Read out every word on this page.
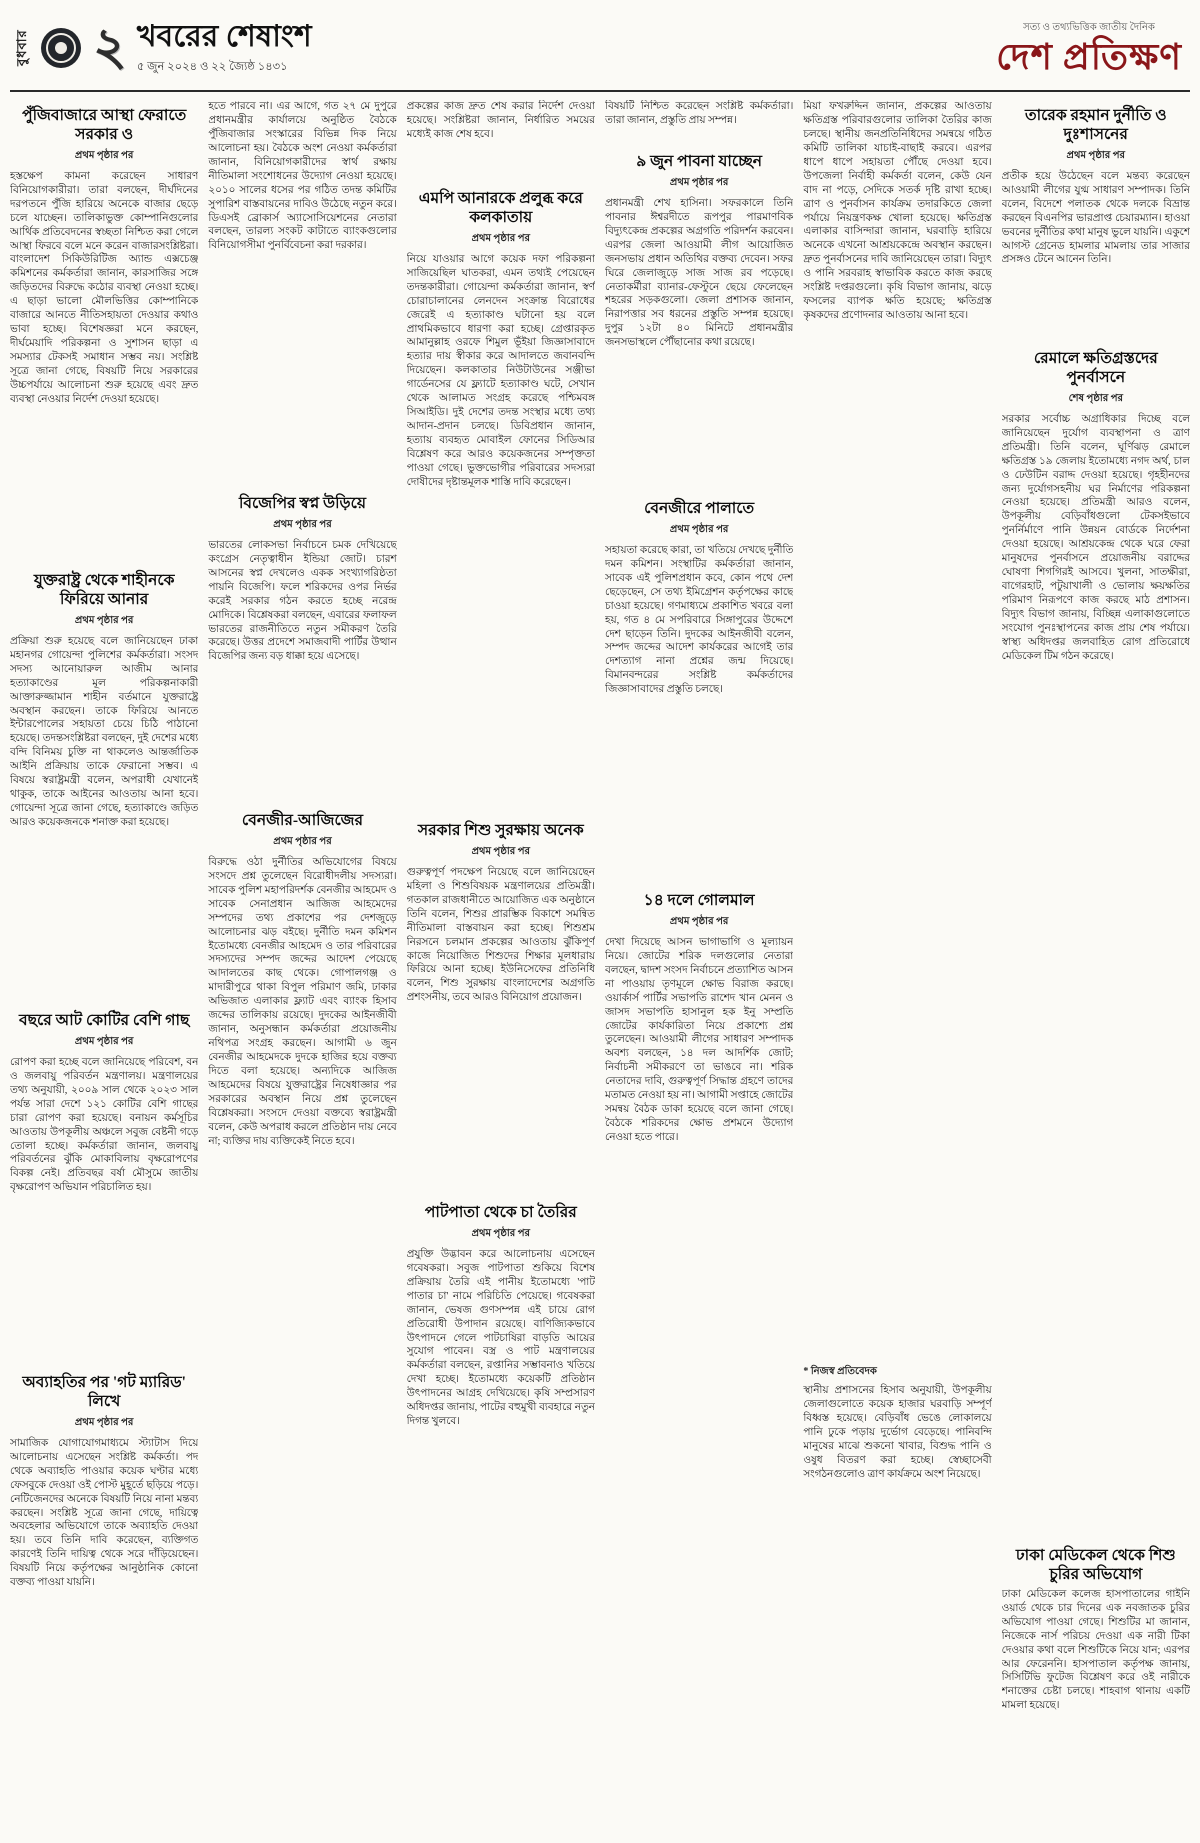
বুধবার ২ খবরের শেষাংশ
৫ জুন ২০২৪ ও ২২ জ্যৈষ্ঠ ১৪৩১
সত্য ও তথ্যভিত্তিক জাতীয় দৈনিক
দেশ প্রতিক্ষণ
পুঁজিবাজারে আস্থা ফেরাতে সরকার ও
প্রথম পৃষ্ঠার পর
হস্তক্ষেপ কামনা করেছেন সাধারণ বিনিয়োগকারীরা। তারা বলছেন, দীর্ঘদিনের দরপতনে পুঁজি হারিয়ে অনেকে বাজার ছেড়ে চলে যাচ্ছেন। তালিকাভুক্ত কোম্পানিগুলোর আর্থিক প্রতিবেদনের স্বচ্ছতা নিশ্চিত করা গেলে আস্থা ফিরবে বলে মনে করেন বাজারসংশ্লিষ্টরা। বাংলাদেশ সিকিউরিটিজ অ্যান্ড এক্সচেঞ্জ কমিশনের কর্মকর্তারা জানান, কারসাজির সঙ্গে জড়িতদের বিরুদ্ধে কঠোর ব্যবস্থা নেওয়া হচ্ছে। এ ছাড়া ভালো মৌলভিত্তির কোম্পানিকে বাজারে আনতে নীতিসহায়তা দেওয়ার কথাও ভাবা হচ্ছে। বিশেষজ্ঞরা মনে করছেন, দীর্ঘমেয়াদি পরিকল্পনা ও সুশাসন ছাড়া এ সমস্যার টেকসই সমাধান সম্ভব নয়। সংশ্লিষ্ট সূত্রে জানা গেছে, বিষয়টি নিয়ে সরকারের উচ্চপর্যায়ে আলোচনা শুরু হয়েছে এবং দ্রুত ব্যবস্থা নেওয়ার নির্দেশ দেওয়া হয়েছে।
যুক্তরাষ্ট্র থেকে শাহীনকে ফিরিয়ে আনার
প্রথম পৃষ্ঠার পর
প্রক্রিয়া শুরু হয়েছে বলে জানিয়েছেন ঢাকা মহানগর গোয়েন্দা পুলিশের কর্মকর্তারা। সংসদ সদস্য আনোয়ারুল আজীম আনার হত্যাকাণ্ডের মূল পরিকল্পনাকারী আক্তারুজ্জামান শাহীন বর্তমানে যুক্তরাষ্ট্রে অবস্থান করছেন। তাকে ফিরিয়ে আনতে ইন্টারপোলের সহায়তা চেয়ে চিঠি পাঠানো হয়েছে। তদন্তসংশ্লিষ্টরা বলছেন, দুই দেশের মধ্যে বন্দি বিনিময় চুক্তি না থাকলেও আন্তর্জাতিক আইনি প্রক্রিয়ায় তাকে ফেরানো সম্ভব। এ বিষয়ে স্বরাষ্ট্রমন্ত্রী বলেন, অপরাধী যেখানেই থাকুক, তাকে আইনের আওতায় আনা হবে। গোয়েন্দা সূত্রে জানা গেছে, হত্যাকাণ্ডে জড়িত আরও কয়েকজনকে শনাক্ত করা হয়েছে।
বছরে আট কোটির বেশি গাছ
প্রথম পৃষ্ঠার পর
রোপণ করা হচ্ছে বলে জানিয়েছে পরিবেশ, বন ও জলবায়ু পরিবর্তন মন্ত্রণালয়। মন্ত্রণালয়ের তথ্য অনুযায়ী, ২০০৯ সাল থেকে ২০২৩ সাল পর্যন্ত সারা দেশে ১২১ কোটির বেশি গাছের চারা রোপণ করা হয়েছে। বনায়ন কর্মসূচির আওতায় উপকূলীয় অঞ্চলে সবুজ বেষ্টনী গড়ে তোলা হচ্ছে। কর্মকর্তারা জানান, জলবায়ু পরিবর্তনের ঝুঁকি মোকাবিলায় বৃক্ষরোপণের বিকল্প নেই। প্রতিবছর বর্ষা মৌসুমে জাতীয় বৃক্ষরোপণ অভিযান পরিচালিত হয়।
অব্যাহতির পর 'গট ম্যারিড' লিখে
প্রথম পৃষ্ঠার পর
সামাজিক যোগাযোগমাধ্যমে স্ট্যাটাস দিয়ে আলোচনায় এসেছেন সংশ্লিষ্ট কর্মকর্তা। পদ থেকে অব্যাহতি পাওয়ার কয়েক ঘণ্টার মধ্যে ফেসবুকে দেওয়া ওই পোস্ট মুহূর্তে ছড়িয়ে পড়ে। নেটিজেনদের অনেকে বিষয়টি নিয়ে নানা মন্তব্য করছেন। সংশ্লিষ্ট সূত্রে জানা গেছে, দায়িত্বে অবহেলার অভিযোগে তাকে অব্যাহতি দেওয়া হয়। তবে তিনি দাবি করেছেন, ব্যক্তিগত কারণেই তিনি দায়িত্ব থেকে সরে দাঁড়িয়েছেন। বিষয়টি নিয়ে কর্তৃপক্ষের আনুষ্ঠানিক কোনো বক্তব্য পাওয়া যায়নি।
হতে পারবে না। এর আগে, গত ২৭ মে দুপুরে প্রধানমন্ত্রীর কার্যালয়ে অনুষ্ঠিত বৈঠকে পুঁজিবাজার সংস্কারের বিভিন্ন দিক নিয়ে আলোচনা হয়। বৈঠকে অংশ নেওয়া কর্মকর্তারা জানান, বিনিয়োগকারীদের স্বার্থ রক্ষায় নীতিমালা সংশোধনের উদ্যোগ নেওয়া হয়েছে। ২০১০ সালের ধসের পর গঠিত তদন্ত কমিটির সুপারিশ বাস্তবায়নের দাবিও উঠেছে নতুন করে। ডিএসই ব্রোকার্স অ্যাসোসিয়েশনের নেতারা বলছেন, তারল্য সংকট কাটাতে ব্যাংকগুলোর বিনিয়োগসীমা পুনর্বিবেচনা করা দরকার।
বিজেপির স্বপ্ন উড়িয়ে
প্রথম পৃষ্ঠার পর
ভারতের লোকসভা নির্বাচনে চমক দেখিয়েছে কংগ্রেস নেতৃত্বাধীন ইন্ডিয়া জোট। চারশ আসনের স্বপ্ন দেখলেও একক সংখ্যাগরিষ্ঠতা পায়নি বিজেপি। ফলে শরিকদের ওপর নির্ভর করেই সরকার গঠন করতে হচ্ছে নরেন্দ্র মোদিকে। বিশ্লেষকরা বলছেন, এবারের ফলাফল ভারতের রাজনীতিতে নতুন সমীকরণ তৈরি করেছে। উত্তর প্রদেশে সমাজবাদী পার্টির উত্থান বিজেপির জন্য বড় ধাক্কা হয়ে এসেছে।
বেনজীর-আজিজের
প্রথম পৃষ্ঠার পর
বিরুদ্ধে ওঠা দুর্নীতির অভিযোগের বিষয়ে সংসদে প্রশ্ন তুলেছেন বিরোধীদলীয় সদস্যরা। সাবেক পুলিশ মহাপরিদর্শক বেনজীর আহমেদ ও সাবেক সেনাপ্রধান আজিজ আহমেদের সম্পদের তথ্য প্রকাশের পর দেশজুড়ে আলোচনার ঝড় বইছে। দুর্নীতি দমন কমিশন ইতোমধ্যে বেনজীর আহমেদ ও তার পরিবারের সদস্যদের সম্পদ জব্দের আদেশ পেয়েছে আদালতের কাছ থেকে। গোপালগঞ্জ ও মাদারীপুরে থাকা বিপুল পরিমাণ জমি, ঢাকার অভিজাত এলাকার ফ্ল্যাট এবং ব্যাংক হিসাব জব্দের তালিকায় রয়েছে। দুদকের আইনজীবী জানান, অনুসন্ধান কর্মকর্তারা প্রয়োজনীয় নথিপত্র সংগ্রহ করছেন। আগামী ৬ জুন বেনজীর আহমেদকে দুদকে হাজির হয়ে বক্তব্য দিতে বলা হয়েছে। অন্যদিকে আজিজ আহমেদের বিষয়ে যুক্তরাষ্ট্রের নিষেধাজ্ঞার পর সরকারের অবস্থান নিয়ে প্রশ্ন তুলেছেন বিশ্লেষকরা। সংসদে দেওয়া বক্তব্যে স্বরাষ্ট্রমন্ত্রী বলেন, কেউ অপরাধ করলে প্রতিষ্ঠান দায় নেবে না; ব্যক্তির দায় ব্যক্তিকেই নিতে হবে।
প্রকল্পের কাজ দ্রুত শেষ করার নির্দেশ দেওয়া হয়েছে। সংশ্লিষ্টরা জানান, নির্ধারিত সময়ের মধ্যেই কাজ শেষ হবে।
এমপি আনারকে প্রলুব্ধ করে কলকাতায়
প্রথম পৃষ্ঠার পর
নিয়ে যাওয়ার আগে কয়েক দফা পরিকল্পনা সাজিয়েছিল ঘাতকরা, এমন তথ্যই পেয়েছেন তদন্তকারীরা। গোয়েন্দা কর্মকর্তারা জানান, স্বর্ণ চোরাচালানের লেনদেন সংক্রান্ত বিরোধের জেরেই এ হত্যাকাণ্ড ঘটানো হয় বলে প্রাথমিকভাবে ধারণা করা হচ্ছে। গ্রেপ্তারকৃত আমানুল্লাহ ওরফে শিমুল ভূঁইয়া জিজ্ঞাসাবাদে হত্যার দায় স্বীকার করে আদালতে জবানবন্দি দিয়েছেন। কলকাতার নিউটাউনের সঞ্জীভা গার্ডেনসের যে ফ্ল্যাটে হত্যাকাণ্ড ঘটে, সেখান থেকে আলামত সংগ্রহ করেছে পশ্চিমবঙ্গ সিআইডি। দুই দেশের তদন্ত সংস্থার মধ্যে তথ্য আদান-প্রদান চলছে। ডিবিপ্রধান জানান, হত্যায় ব্যবহৃত মোবাইল ফোনের সিডিআর বিশ্লেষণ করে আরও কয়েকজনের সম্পৃক্ততা পাওয়া গেছে। ভুক্তভোগীর পরিবারের সদস্যরা দোষীদের দৃষ্টান্তমূলক শাস্তি দাবি করেছেন।
সরকার শিশু সুরক্ষায় অনেক
প্রথম পৃষ্ঠার পর
গুরুত্বপূর্ণ পদক্ষেপ নিয়েছে বলে জানিয়েছেন মহিলা ও শিশুবিষয়ক মন্ত্রণালয়ের প্রতিমন্ত্রী। গতকাল রাজধানীতে আয়োজিত এক অনুষ্ঠানে তিনি বলেন, শিশুর প্রারম্ভিক বিকাশে সমন্বিত নীতিমালা বাস্তবায়ন করা হচ্ছে। শিশুশ্রম নিরসনে চলমান প্রকল্পের আওতায় ঝুঁকিপূর্ণ কাজে নিয়োজিত শিশুদের শিক্ষার মূলধারায় ফিরিয়ে আনা হচ্ছে। ইউনিসেফের প্রতিনিধি বলেন, শিশু সুরক্ষায় বাংলাদেশের অগ্রগতি প্রশংসনীয়, তবে আরও বিনিয়োগ প্রয়োজন।
পাটপাতা থেকে চা তৈরির
প্রথম পৃষ্ঠার পর
প্রযুক্তি উদ্ভাবন করে আলোচনায় এসেছেন গবেষকরা। সবুজ পাটপাতা শুকিয়ে বিশেষ প্রক্রিয়ায় তৈরি এই পানীয় ইতোমধ্যে 'পাট পাতার চা' নামে পরিচিতি পেয়েছে। গবেষকরা জানান, ভেষজ গুণসম্পন্ন এই চায়ে রোগ প্রতিরোধী উপাদান রয়েছে। বাণিজ্যিকভাবে উৎপাদনে গেলে পাটচাষিরা বাড়তি আয়ের সুযোগ পাবেন। বস্ত্র ও পাট মন্ত্রণালয়ের কর্মকর্তারা বলছেন, রপ্তানির সম্ভাবনাও খতিয়ে দেখা হচ্ছে। ইতোমধ্যে কয়েকটি প্রতিষ্ঠান উৎপাদনের আগ্রহ দেখিয়েছে। কৃষি সম্প্রসারণ অধিদপ্তর জানায়, পাটের বহুমুখী ব্যবহারে নতুন দিগন্ত খুলবে।
বিষয়টি নিশ্চিত করেছেন সংশ্লিষ্ট কর্মকর্তারা। তারা জানান, প্রস্তুতি প্রায় সম্পন্ন।
৯ জুন পাবনা যাচ্ছেন
প্রথম পৃষ্ঠার পর
প্রধানমন্ত্রী শেখ হাসিনা। সফরকালে তিনি পাবনার ঈশ্বরদীতে রূপপুর পারমাণবিক বিদ্যুৎকেন্দ্র প্রকল্পের অগ্রগতি পরিদর্শন করবেন। এরপর জেলা আওয়ামী লীগ আয়োজিত জনসভায় প্রধান অতিথির বক্তব্য দেবেন। সফর ঘিরে জেলাজুড়ে সাজ সাজ রব পড়েছে। নেতাকর্মীরা ব্যানার-ফেস্টুনে ছেয়ে ফেলেছেন শহরের সড়কগুলো। জেলা প্রশাসক জানান, নিরাপত্তার সব ধরনের প্রস্তুতি সম্পন্ন হয়েছে। দুপুর ১২টা ৪০ মিনিটে প্রধানমন্ত্রীর জনসভাস্থলে পৌঁছানোর কথা রয়েছে।
বেনজীরে পালাতে
প্রথম পৃষ্ঠার পর
সহায়তা করেছে কারা, তা খতিয়ে দেখছে দুর্নীতি দমন কমিশন। সংস্থাটির কর্মকর্তারা জানান, সাবেক এই পুলিশপ্রধান কবে, কোন পথে দেশ ছেড়েছেন, সে তথ্য ইমিগ্রেশন কর্তৃপক্ষের কাছে চাওয়া হয়েছে। গণমাধ্যমে প্রকাশিত খবরে বলা হয়, গত ৪ মে সপরিবারে সিঙ্গাপুরের উদ্দেশে দেশ ছাড়েন তিনি। দুদকের আইনজীবী বলেন, সম্পদ জব্দের আদেশ কার্যকরের আগেই তার দেশত্যাগ নানা প্রশ্নের জন্ম দিয়েছে। বিমানবন্দরের সংশ্লিষ্ট কর্মকর্তাদের জিজ্ঞাসাবাদের প্রস্তুতি চলছে।
১৪ দলে গোলমাল
প্রথম পৃষ্ঠার পর
দেখা দিয়েছে আসন ভাগাভাগি ও মূল্যায়ন নিয়ে। জোটের শরিক দলগুলোর নেতারা বলছেন, দ্বাদশ সংসদ নির্বাচনে প্রত্যাশিত আসন না পাওয়ায় তৃণমূলে ক্ষোভ বিরাজ করছে। ওয়ার্কার্স পার্টির সভাপতি রাশেদ খান মেনন ও জাসদ সভাপতি হাসানুল হক ইনু সম্প্রতি জোটের কার্যকারিতা নিয়ে প্রকাশ্যে প্রশ্ন তুলেছেন। আওয়ামী লীগের সাধারণ সম্পাদক অবশ্য বলছেন, ১৪ দল আদর্শিক জোট; নির্বাচনী সমীকরণে তা ভাঙবে না। শরিক নেতাদের দাবি, গুরুত্বপূর্ণ সিদ্ধান্ত গ্রহণে তাদের মতামত নেওয়া হয় না। আগামী সপ্তাহে জোটের সমন্বয় বৈঠক ডাকা হয়েছে বলে জানা গেছে। বৈঠকে শরিকদের ক্ষোভ প্রশমনে উদ্যোগ নেওয়া হতে পারে।
মিয়া ফখরুদ্দিন জানান, প্রকল্পের আওতায় ক্ষতিগ্রস্ত পরিবারগুলোর তালিকা তৈরির কাজ চলছে। স্থানীয় জনপ্রতিনিধিদের সমন্বয়ে গঠিত কমিটি তালিকা যাচাই-বাছাই করবে। এরপর ধাপে ধাপে সহায়তা পৌঁছে দেওয়া হবে। উপজেলা নির্বাহী কর্মকর্তা বলেন, কেউ যেন বাদ না পড়ে, সেদিকে সতর্ক দৃষ্টি রাখা হচ্ছে। ত্রাণ ও পুনর্বাসন কার্যক্রম তদারকিতে জেলা পর্যায়ে নিয়ন্ত্রণকক্ষ খোলা হয়েছে। ক্ষতিগ্রস্ত এলাকার বাসিন্দারা জানান, ঘরবাড়ি হারিয়ে অনেকে এখনো আশ্রয়কেন্দ্রে অবস্থান করছেন। দ্রুত পুনর্বাসনের দাবি জানিয়েছেন তারা। বিদ্যুৎ ও পানি সরবরাহ স্বাভাবিক করতে কাজ করছে সংশ্লিষ্ট দপ্তরগুলো। কৃষি বিভাগ জানায়, ঝড়ে ফসলের ব্যাপক ক্ষতি হয়েছে; ক্ষতিগ্রস্ত কৃষকদের প্রণোদনার আওতায় আনা হবে।
* নিজস্ব প্রতিবেদক
স্থানীয় প্রশাসনের হিসাব অনুযায়ী, উপকূলীয় জেলাগুলোতে কয়েক হাজার ঘরবাড়ি সম্পূর্ণ বিধ্বস্ত হয়েছে। বেড়িবাঁধ ভেঙে লোকালয়ে পানি ঢুকে পড়ায় দুর্ভোগ বেড়েছে। পানিবন্দি মানুষের মাঝে শুকনো খাবার, বিশুদ্ধ পানি ও ওষুধ বিতরণ করা হচ্ছে। স্বেচ্ছাসেবী সংগঠনগুলোও ত্রাণ কার্যক্রমে অংশ নিয়েছে।
তারেক রহমান দুর্নীতি ও দুঃশাসনের
প্রথম পৃষ্ঠার পর
প্রতীক হয়ে উঠেছেন বলে মন্তব্য করেছেন আওয়ামী লীগের যুগ্ম সাধারণ সম্পাদক। তিনি বলেন, বিদেশে পলাতক থেকে দলকে বিভ্রান্ত করছেন বিএনপির ভারপ্রাপ্ত চেয়ারম্যান। হাওয়া ভবনের দুর্নীতির কথা মানুষ ভুলে যায়নি। একুশে আগস্ট গ্রেনেড হামলার মামলায় তার সাজার প্রসঙ্গও টেনে আনেন তিনি।
রেমালে ক্ষতিগ্রস্তদের পুনর্বাসনে
শেষ পৃষ্ঠার পর
সরকার সর্বোচ্চ অগ্রাধিকার দিচ্ছে বলে জানিয়েছেন দুর্যোগ ব্যবস্থাপনা ও ত্রাণ প্রতিমন্ত্রী। তিনি বলেন, ঘূর্ণিঝড় রেমালে ক্ষতিগ্রস্ত ১৯ জেলায় ইতোমধ্যে নগদ অর্থ, চাল ও ঢেউটিন বরাদ্দ দেওয়া হয়েছে। গৃহহীনদের জন্য দুর্যোগসহনীয় ঘর নির্মাণের পরিকল্পনা নেওয়া হয়েছে। প্রতিমন্ত্রী আরও বলেন, উপকূলীয় বেড়িবাঁধগুলো টেকসইভাবে পুনর্নির্মাণে পানি উন্নয়ন বোর্ডকে নির্দেশনা দেওয়া হয়েছে। আশ্রয়কেন্দ্র থেকে ঘরে ফেরা মানুষদের পুনর্বাসনে প্রয়োজনীয় বরাদ্দের ঘোষণা শিগগিরই আসবে। খুলনা, সাতক্ষীরা, বাগেরহাট, পটুয়াখালী ও ভোলায় ক্ষয়ক্ষতির পরিমাণ নিরূপণে কাজ করছে মাঠ প্রশাসন। বিদ্যুৎ বিভাগ জানায়, বিচ্ছিন্ন এলাকাগুলোতে সংযোগ পুনঃস্থাপনের কাজ প্রায় শেষ পর্যায়ে। স্বাস্থ্য অধিদপ্তর জলবাহিত রোগ প্রতিরোধে মেডিকেল টিম গঠন করেছে।
ঢাকা মেডিকেল থেকে শিশু চুরির অভিযোগ
ঢাকা মেডিকেল কলেজ হাসপাতালের গাইনি ওয়ার্ড থেকে চার দিনের এক নবজাতক চুরির অভিযোগ পাওয়া গেছে। শিশুটির মা জানান, নিজেকে নার্স পরিচয় দেওয়া এক নারী টিকা দেওয়ার কথা বলে শিশুটিকে নিয়ে যান; এরপর আর ফেরেননি। হাসপাতাল কর্তৃপক্ষ জানায়, সিসিটিভি ফুটেজ বিশ্লেষণ করে ওই নারীকে শনাক্তের চেষ্টা চলছে। শাহবাগ থানায় একটি মামলা হয়েছে।
